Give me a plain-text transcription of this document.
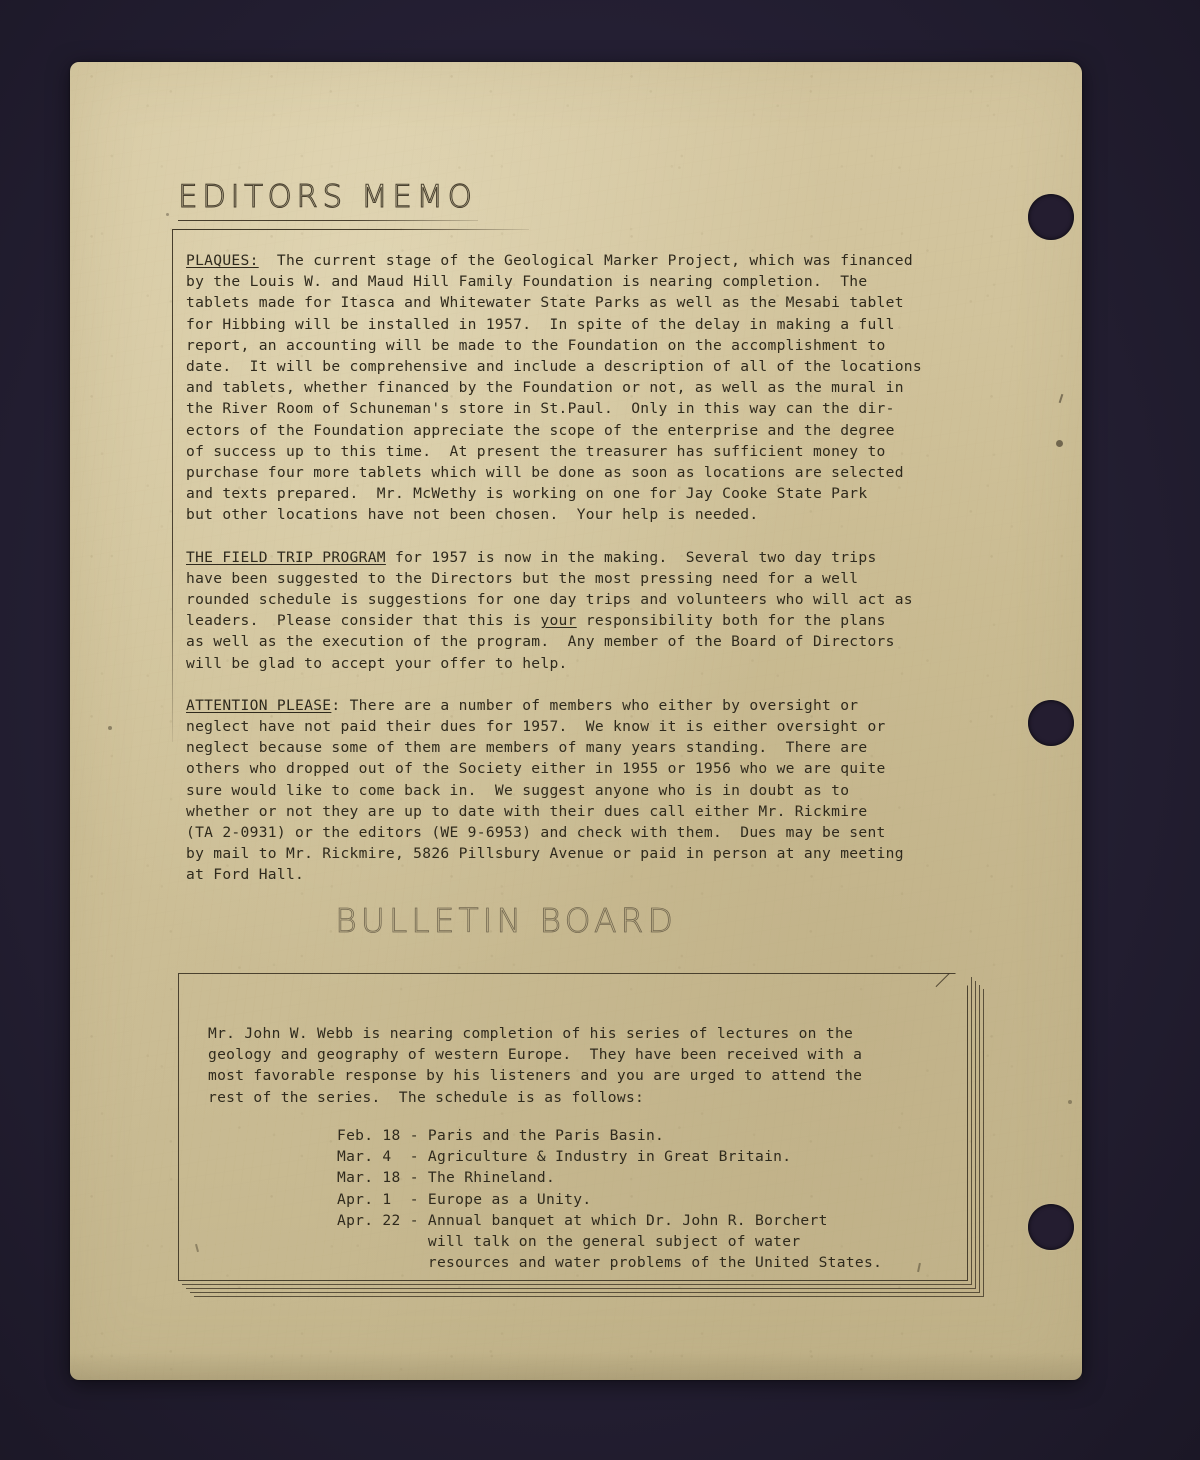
EDITORS MEMO

PLAQUES:  The current stage of the Geological Marker Project, which was financed
by the Louis W. and Maud Hill Family Foundation is nearing completion.  The
tablets made for Itasca and Whitewater State Parks as well as the Mesabi tablet
for Hibbing will be installed in 1957.  In spite of the delay in making a full
report, an accounting will be made to the Foundation on the accomplishment to
date.  It will be comprehensive and include a description of all of the locations
and tablets, whether financed by the Foundation or not, as well as the mural in
the River Room of Schuneman's store in St.Paul.  Only in this way can the dir-
ectors of the Foundation appreciate the scope of the enterprise and the degree
of success up to this time.  At present the treasurer has sufficient money to
purchase four more tablets which will be done as soon as locations are selected
and texts prepared.  Mr. McWethy is working on one for Jay Cooke State Park
but other locations have not been chosen.  Your help is needed.

THE FIELD TRIP PROGRAM for 1957 is now in the making.  Several two day trips
have been suggested to the Directors but the most pressing need for a well
rounded schedule is suggestions for one day trips and volunteers who will act as
leaders.  Please consider that this is your responsibility both for the plans
as well as the execution of the program.  Any member of the Board of Directors
will be glad to accept your offer to help.

ATTENTION PLEASE: There are a number of members who either by oversight or
neglect have not paid their dues for 1957.  We know it is either oversight or
neglect because some of them are members of many years standing.  There are
others who dropped out of the Society either in 1955 or 1956 who we are quite
sure would like to come back in.  We suggest anyone who is in doubt as to
whether or not they are up to date with their dues call either Mr. Rickmire
(TA 2-0931) or the editors (WE 9-6953) and check with them.  Dues may be sent
by mail to Mr. Rickmire, 5826 Pillsbury Avenue or paid in person at any meeting
at Ford Hall.

BULLETIN BOARD

Mr. John W. Webb is nearing completion of his series of lectures on the
geology and geography of western Europe.  They have been received with a
most favorable response by his listeners and you are urged to attend the
rest of the series.  The schedule is as follows:

Feb. 18 - Paris and the Paris Basin.
Mar. 4  - Agriculture & Industry in Great Britain.
Mar. 18 - The Rhineland.
Apr. 1  - Europe as a Unity.
Apr. 22 - Annual banquet at which Dr. John R. Borchert
will talk on the general subject of water
resources and water problems of the United States.
